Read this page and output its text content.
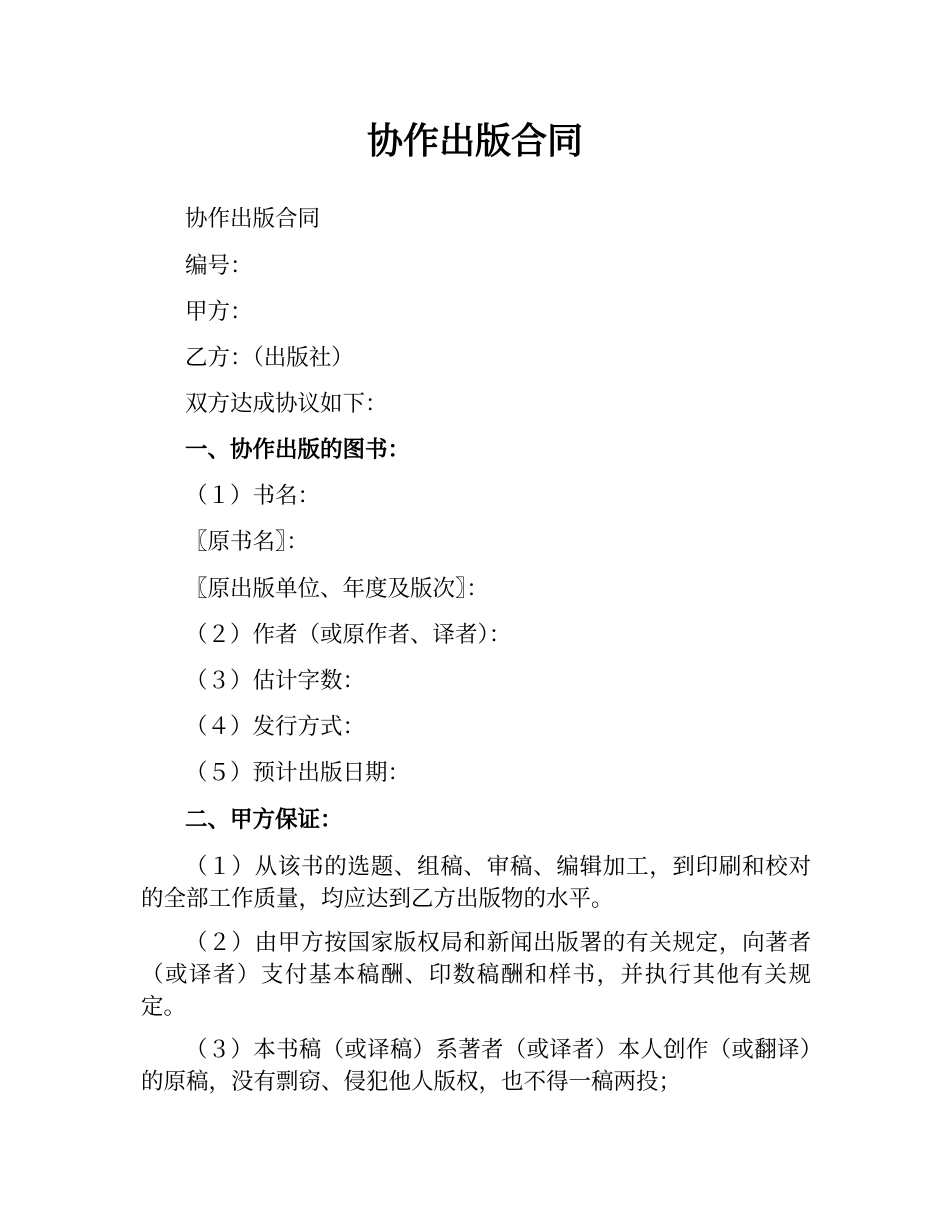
协作出版合同

协作出版合同

编号：

甲方：

乙方：（出版社）

双方达成协议如下：

一、协作出版的图书：

（１）书名：

〖原书名〗：

〖原出版单位、年度及版次〗：

（２）作者（或原作者、译者）：

（３）估计字数：

（４）发行方式：

（５）预计出版日期：

二、甲方保证：

（１）从该书的选题、组稿、审稿、编辑加工，到印刷和校对的全部工作质量，均应达到乙方出版物的水平。

（２）由甲方按国家版权局和新闻出版署的有关规定，向著者（或译者）支付基本稿酬、印数稿酬和样书，并执行其他有关规定。

（３）本书稿（或译稿）系著者（或译者）本人创作（或翻译）的原稿，没有剽窃、侵犯他人版权，也不得一稿两投；
